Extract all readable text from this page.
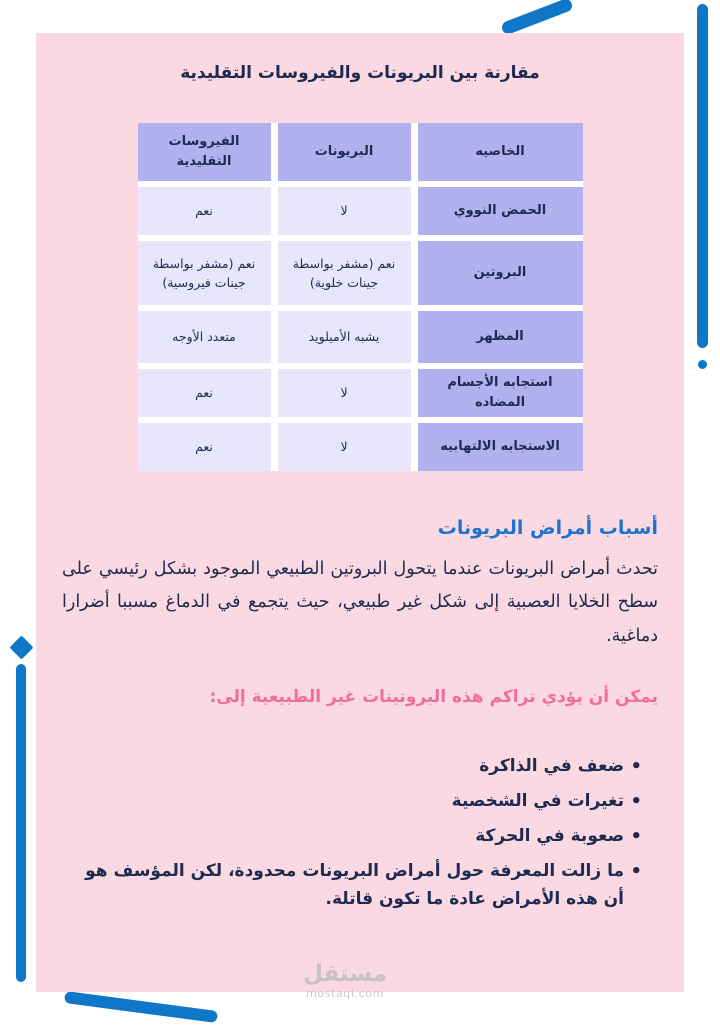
مقارنة بين البريونات والفيروسات التقليدية
الخاصيه
البريونات
الفيروسات التقليدية
الحمض النووي
لا
نعم
البروتين
نعم (مشفر بواسطة جينات خلوية)
نعم (مشفر بواسطة جينات فيروسية)
المظهر
يشبه الأميلويد
متعدد الأوجه
استجابه الأجسام المضاده
لا
نعم
الاستجابه الالتهابيه
لا
نعم
أسباب أمراض البريونات

تحدث أمراض البريونات عندما يتحول البروتين الطبيعي الموجود بشكل رئيسي على سطح الخلايا العصبية إلى شكل غير طبيعي، حيث يتجمع في الدماغ مسببا أضرارا دماغية.

يمكن أن يؤدي تراكم هذه البروتينات غير الطبيعية إلى:
• ضعف في الذاكرة
• تغيرات في الشخصية
• صعوبة في الحركة
• ما زالت المعرفة حول أمراض البريونات محدودة، لكن المؤسف هو أن هذه الأمراض عادة ما تكون قاتلة.
مستقل
mostaql.com
